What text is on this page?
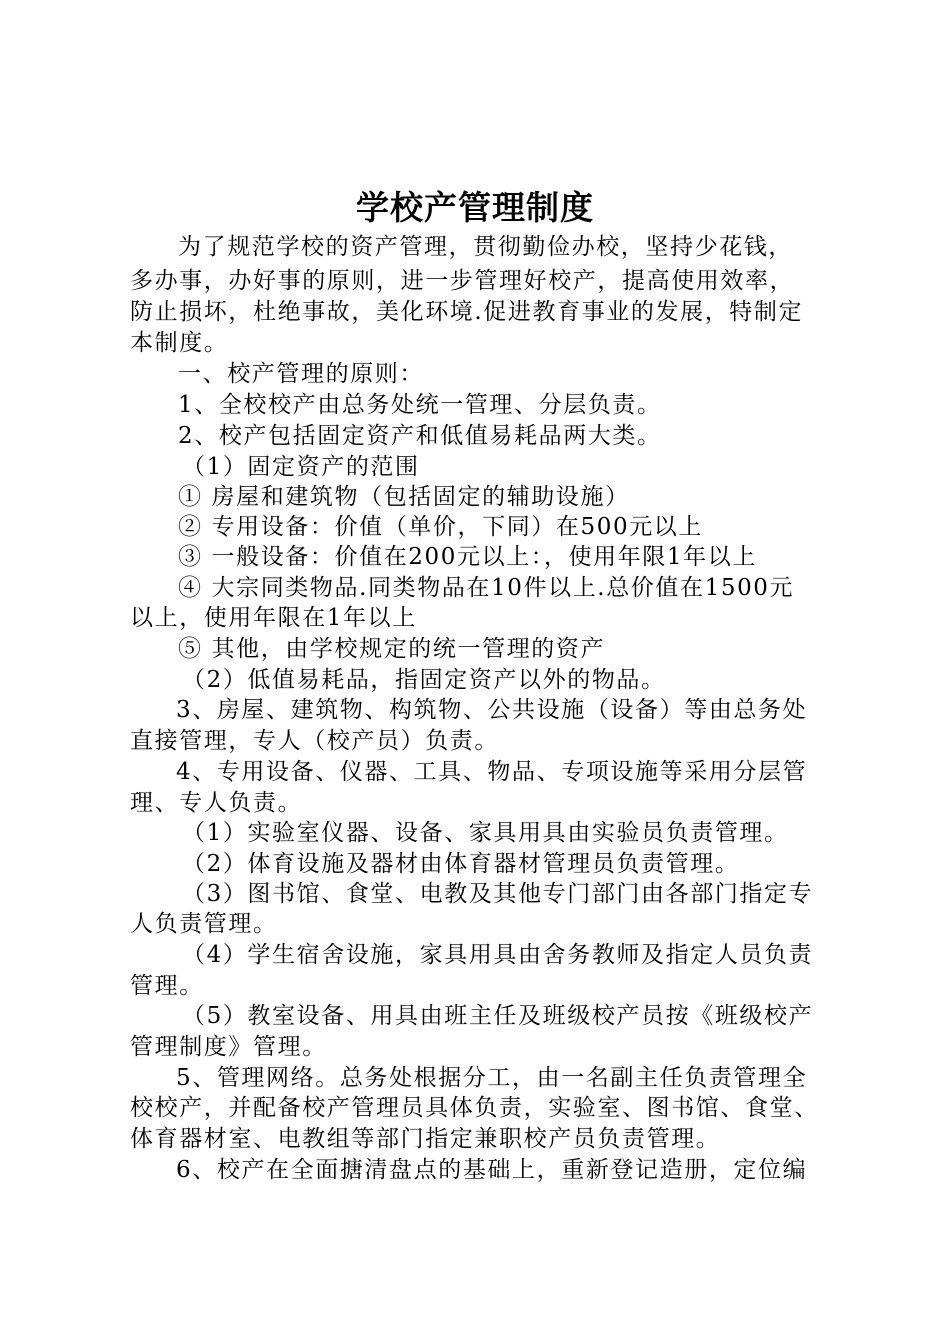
学校产管理制度
为了规范学校的资产管理，贯彻勤俭办校，坚持少花钱，
多办事，办好事的原则，进一步管理好校产，提高使用效率，
防止损坏，杜绝事故，美化环境.促进教育事业的发展，特制定
本制度。
一、校产管理的原则：
1、全校校产由总务处统一管理、分层负责。
2、校产包括固定资产和低值易耗品两大类。
（1）固定资产的范围
① 房屋和建筑物（包括固定的辅助设施）
② 专用设备：价值（单价，下同）在500元以上
③ 一般设备：价值在200元以上：，使用年限1年以上
④ 大宗同类物品.同类物品在10件以上.总价值在1500元
以上，使用年限在1年以上
⑤ 其他，由学校规定的统一管理的资产
（2）低值易耗品，指固定资产以外的物品。
3、房屋、建筑物、构筑物、公共设施（设备）等由总务处
直接管理，专人（校产员）负责。
4、专用设备、仪器、工具、物品、专项设施等采用分层管
理、专人负责。
（1）实验室仪器、设备、家具用具由实验员负责管理。
（2）体育设施及器材由体育器材管理员负责管理。
（3）图书馆、食堂、电教及其他专门部门由各部门指定专
人负责管理。
（4）学生宿舍设施，家具用具由舍务教师及指定人员负责
管理。
（5）教室设备、用具由班主任及班级校产员按《班级校产
管理制度》管理。
5、管理网络。总务处根据分工，由一名副主任负责管理全
校校产，并配备校产管理员具体负责，实验室、图书馆、食堂、
体育器材室、电教组等部门指定兼职校产员负责管理。
6、校产在全面搪清盘点的基础上，重新登记造册，定位编
